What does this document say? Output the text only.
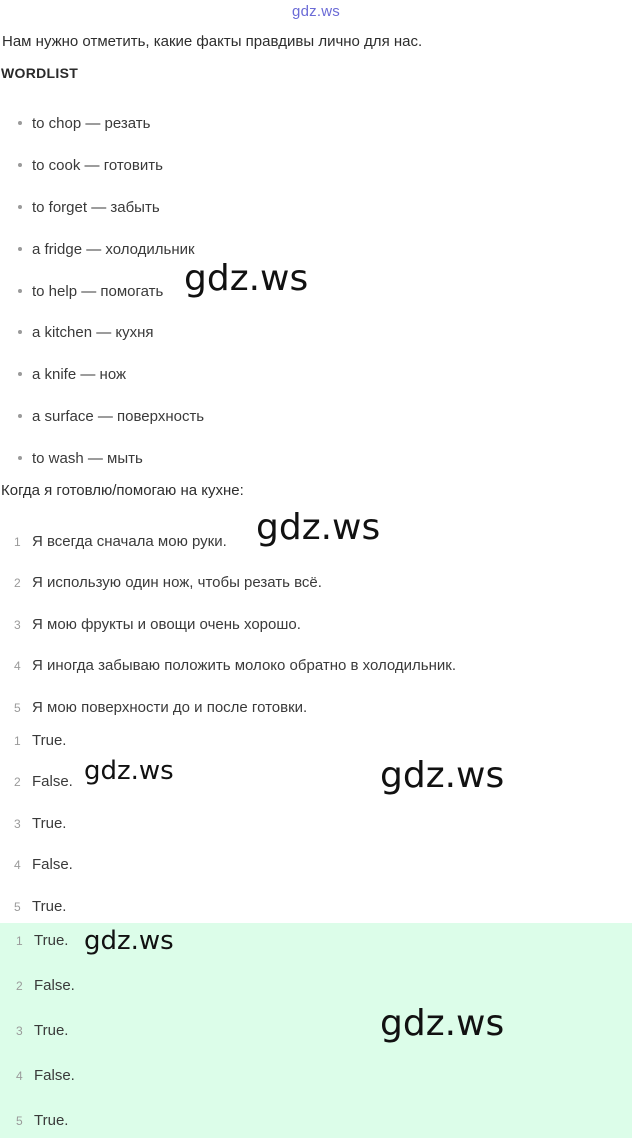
gdz.ws
Нам нужно отметить, какие факты правдивы лично для нас.
WORDLIST
to chop — резать
to cook — готовить
to forget — забыть
a fridge — холодильник
to help — помогать
a kitchen — кухня
a knife — нож
a surface — поверхность
to wash — мыть
Когда я готовлю/помогаю на кухне:
1 Я всегда сначала мою руки.
2 Я использую один нож, чтобы резать всё.
3 Я мою фрукты и овощи очень хорошо.
4 Я иногда забываю положить молоко обратно в холодильник.
5 Я мою поверхности до и после готовки.
1 True.
2 False.
3 True.
4 False.
5 True.
1 True.
2 False.
3 True.
4 False.
5 True.
gdz.ws
gdz.ws
gdz.ws	gdz.ws
gdz.ws
gdz.ws
